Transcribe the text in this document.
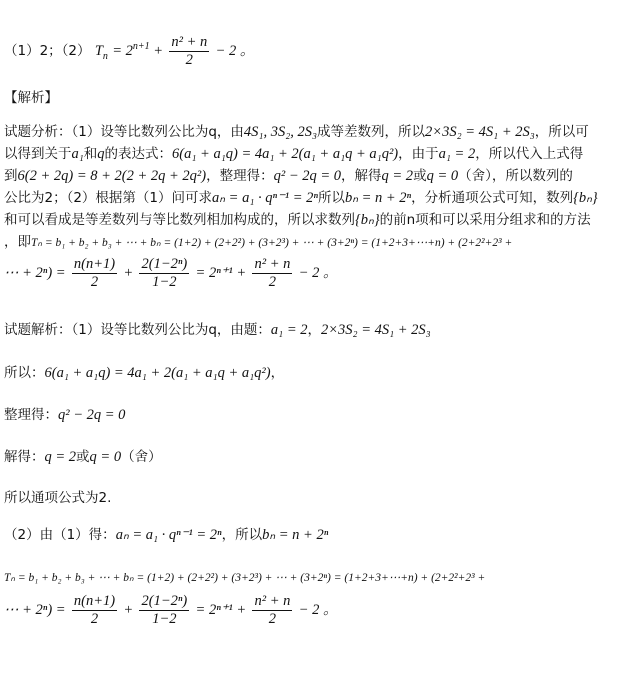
（1）2；（2） $T_n = 2^{n+1} + \frac{\text{n² + n}}{2} - 2$ 。
【解析】
试题分析：（1）设等比数列公比为q，由4S₁, 3S₂, 2S₃成等差数列，所以2×3S₂ = 4S₁ + 2S₃，所以可
以得到关于a₁和q的表达式：6(a₁ + a₁q) = 4a₁ + 2(a₁ + a₁q + a₁q²)，由于a₁ = 2，所以代入上式得
到6(2 + 2q) = 8 + 2(2 + 2q + 2q²)，整理得：q² − 2q = 0，解得q = 2或q = 0（舍），所以数列的
公比为2；（2）根据第（1）问可求aₙ = a₁ · qⁿ⁻¹ = 2ⁿ所以bₙ = n + 2ⁿ，分析通项公式可知，数列{bₙ}
和可以看成是等差数列与等比数列相加构成的，所以求数列{bₙ}的前n项和可以采用分组求和的方法
，即Tₙ = b₁ + b₂ + b₃ + ⋯ + bₙ = (1+2) + (2+2²) + (3+2³) + ⋯ + (3+2ⁿ) = (1+2+3+⋯+n) + (2+2²+2³ +
⋯ + $2^n) = \frac{n(n+1)}{2} + \frac{\text{2(1−2ⁿ)}}{1-2} = 2^{n+1} + \frac{\text{n² + n}}{2} - 2$ 。
试题解析：（1）设等比数列公比为q，由题：a₁ = 2，2×3S₂ = 4S₁ + 2S₃
所以：6(a₁ + a₁q) = 4a₁ + 2(a₁ + a₁q + a₁q²)，
整理得：q² − 2q = 0
解得：q = 2或q = 0（舍）
所以通项公式为2.
（2）由（1）得：aₙ = a₁ · qⁿ⁻¹ = 2ⁿ，所以bₙ = n + 2ⁿ
Tₙ = b₁ + b₂ + b₃ + ⋯ + bₙ = (1+2) + (2+2²) + (3+2³) + ⋯ + (3+2ⁿ) = (1+2+3+⋯+n) + (2+2²+2³ +
⋯ + $2^n) = \frac{n(n+1)}{2} + \frac{\text{2(1−2ⁿ)}}{1-2} = 2^{n+1} + \frac{\text{n² + n}}{2} - 2$ 。
